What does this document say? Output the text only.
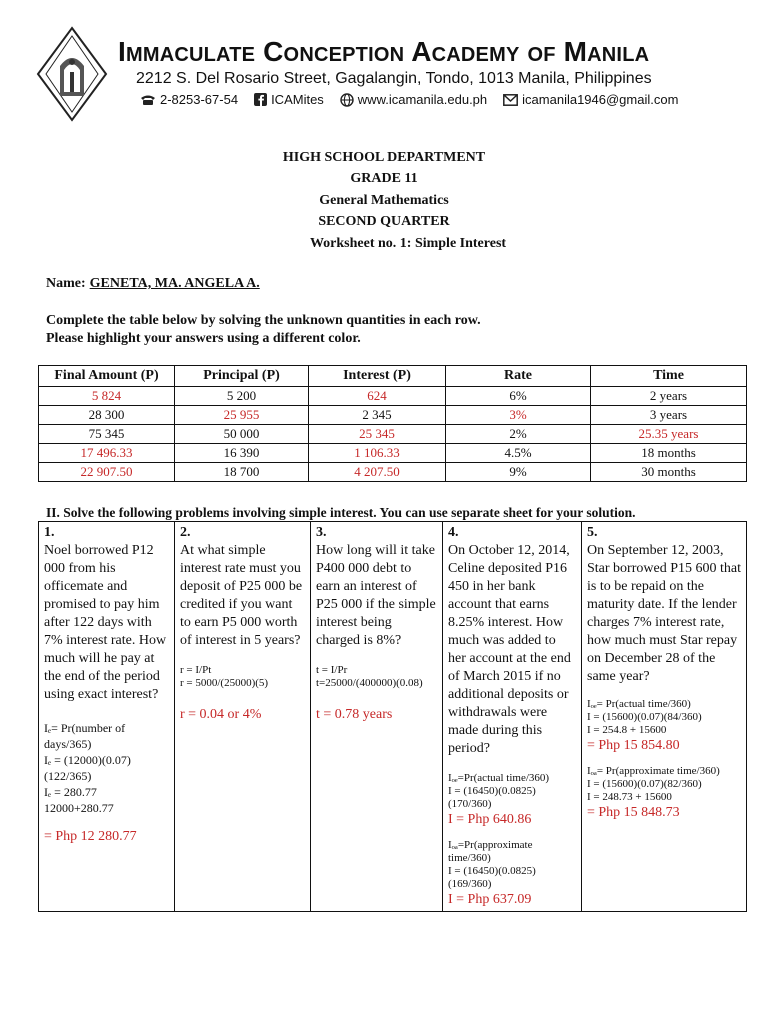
Immaculate Conception Academy of Manila
2212 S. Del Rosario Street, Gagalangin, Tondo, 1013 Manila, Philippines
2-8253-67-54	ICAMites	www.icamanila.edu.ph	icamanila1946@gmail.com
HIGH SCHOOL DEPARTMENT
GRADE 11
General Mathematics
SECOND QUARTER
Worksheet no. 1: Simple Interest
Name: GENETA, MA. ANGELA A.
Complete the table below by solving the unknown quantities in each row.
Please highlight your answers using a different color.
Final Amount (P)	Principal (P)	Interest (P)	Rate	Time
5 824	5 200	624	6%	2 years
28 300	25 955	2 345	3%	3 years
75 345	50 000	25 345	2%	25.35 years
17 496.33	16 390	1 106.33	4.5%	18 months
22 907.50	18 700	4 207.50	9%	30 months
II. Solve the following problems involving simple interest. You can use separate sheet for your solution.
1.
Noel borrowed P12 000 from his officemate and promised to pay him after 122 days with 7% interest rate. How much will he pay at the end of the period using exact interest?
Iₑ= Pr(number of days/365)
Iₑ = (12000)(0.07)(122/365)
Iₑ = 280.77
12000+280.77
= Php 12 280.77
	2.
At what simple interest rate must you deposit of P25 000 be credited if you want to earn P5 000 worth of interest in 5 years?
r = I/Pt
r = 5000/(25000)(5)
r = 0.04 or 4%
	3.
How long will it take P400 000 debt to earn an interest of P25 000 if the simple interest being charged is 8%?
t = I/Pr
t=25000/(400000)(0.08)
t = 0.78 years
	4.
On October 12, 2014, Celine deposited P16 450 in her bank account that earns 8.25% interest. How much was added to her account at the end of March 2015 if no additional deposits or withdrawals were made during this period?
Iₒₑ=Pr(actual time/360)
I = (16450)(0.0825)(170/360)
I = Php 640.86
Iₒₐ=Pr(approximate time/360)
I = (16450)(0.0825)(169/360)
I = Php 637.09
	5.
On September 12, 2003, Star borrowed P15 600 that is to be repaid on the maturity date. If the lender charges 7% interest rate, how much must Star repay on December 28 of the same year?
Iₒₑ= Pr(actual time/360)
I = (15600)(0.07)(84/360)
I = 254.8 + 15600
= Php 15 854.80
Iₒₐ= Pr(approximate time/360)
I = (15600)(0.07)(82/360)
I = 248.73 + 15600
= Php 15 848.73
